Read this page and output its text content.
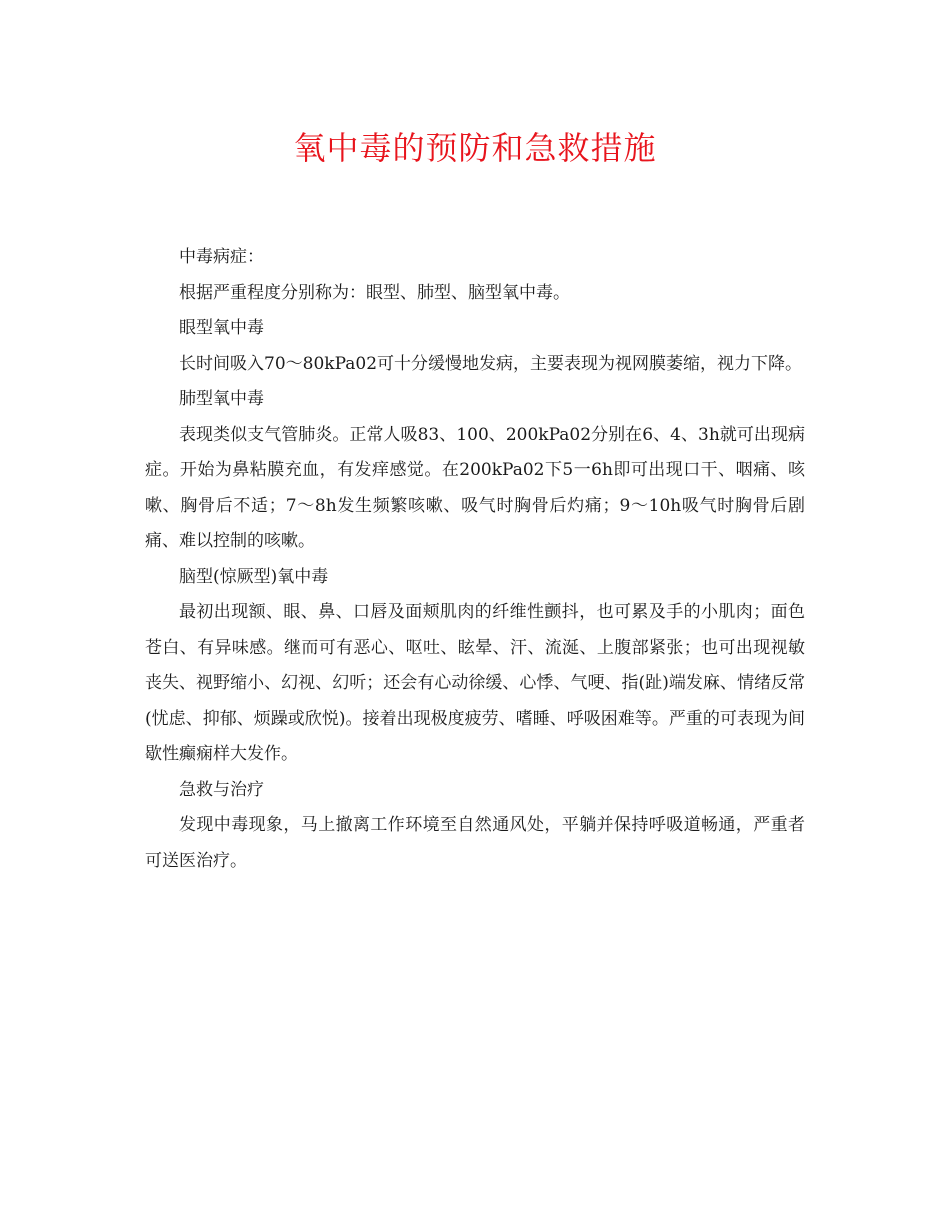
氧中毒的预防和急救措施

中毒病症：

根据严重程度分别称为：眼型、肺型、脑型氧中毒。

眼型氧中毒

长时间吸入70～80kPa02可十分缓慢地发病，主要表现为视网膜萎缩，视力下降。

肺型氧中毒

表现类似支气管肺炎。正常人吸83、100、200kPa02分别在6、4、3h就可出现病症。开始为鼻粘膜充血，有发痒感觉。在200kPa02下5一6h即可出现口干、咽痛、咳嗽、胸骨后不适；7～8h发生频繁咳嗽、吸气时胸骨后灼痛；9～10h吸气时胸骨后剧痛、难以控制的咳嗽。

脑型(惊厥型)氧中毒

最初出现额、眼、鼻、口唇及面颊肌肉的纤维性颤抖，也可累及手的小肌肉；面色苍白、有异味感。继而可有恶心、呕吐、眩晕、汗、流涎、上腹部紧张；也可出现视敏丧失、视野缩小、幻视、幻听；还会有心动徐缓、心悸、气哽、指(趾)端发麻、情绪反常(忧虑、抑郁、烦躁或欣悦)。接着出现极度疲劳、嗜睡、呼吸困难等。严重的可表现为间歇性癫痫样大发作。

急救与治疗

发现中毒现象，马上撤离工作环境至自然通风处，平躺并保持呼吸道畅通，严重者可送医治疗。
